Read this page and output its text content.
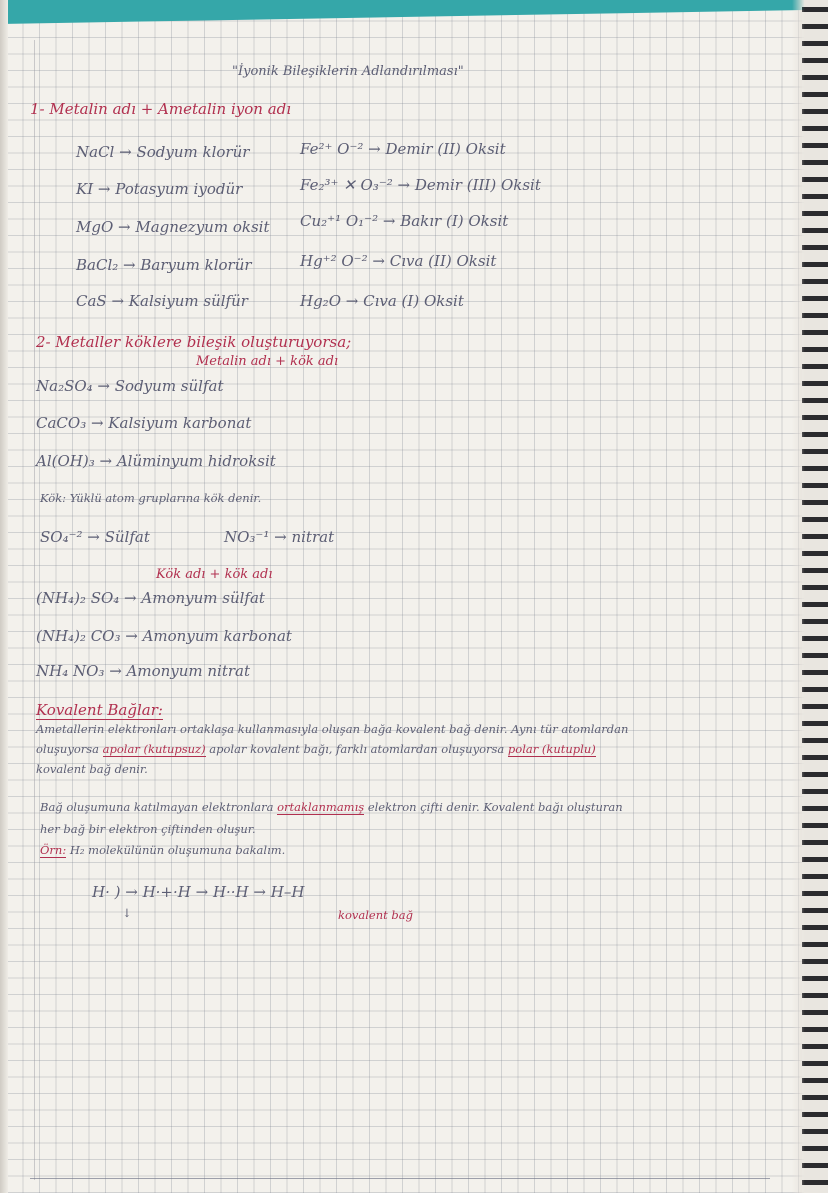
"İyonik Bileşiklerin Adlandırılması"
1- Metalin adı + Ametalin iyon adı
NaCl → Sodyum klorür
KI → Potasyum iyodür
MgO → Magnezyum oksit
BaCl₂ → Baryum klorür
CaS → Kalsiyum sülfür
Fe²⁺ O⁻² → Demir (II) Oksit
Fe₂³⁺ ✕ O₃⁻² → Demir (III) Oksit
Cu₂⁺¹ O₁⁻² → Bakır (I) Oksit
Hg⁺² O⁻² → Cıva (II) Oksit
Hg₂O → Cıva (I) Oksit
2- Metaller köklere bileşik oluşturuyorsa;
Metalin adı + kök adı
Na₂SO₄ → Sodyum sülfat
CaCO₃ → Kalsiyum karbonat
Al(OH)₃ → Alüminyum hidroksit
Kök: Yüklü atom gruplarına kök denir.
SO₄⁻² → Sülfat	NO₃⁻¹ → nitrat
Kök adı + kök adı
(NH₄)₂ SO₄ → Amonyum sülfat
(NH₄)₂ CO₃ → Amonyum karbonat
NH₄ NO₃ → Amonyum nitrat
Kovalent Bağlar:
Ametallerin elektronları ortaklaşa kullanmasıyla oluşan bağa kovalent bağ denir. Aynı tür atomlardan
oluşuyorsa apolar (kutupsuz) apolar kovalent bağı, farklı atomlardan oluşuyorsa polar (kutuplu)
kovalent bağ denir.
Bağ oluşumuna katılmayan elektronlara ortaklanmamış elektron çifti denir. Kovalent bağı oluşturan
her bağ bir elektron çiftinden oluşur.
Örn: H₂ molekülünün oluşumuna bakalım.
H· ) → H·+·H → H··H → H–H
↓	kovalent bağ
